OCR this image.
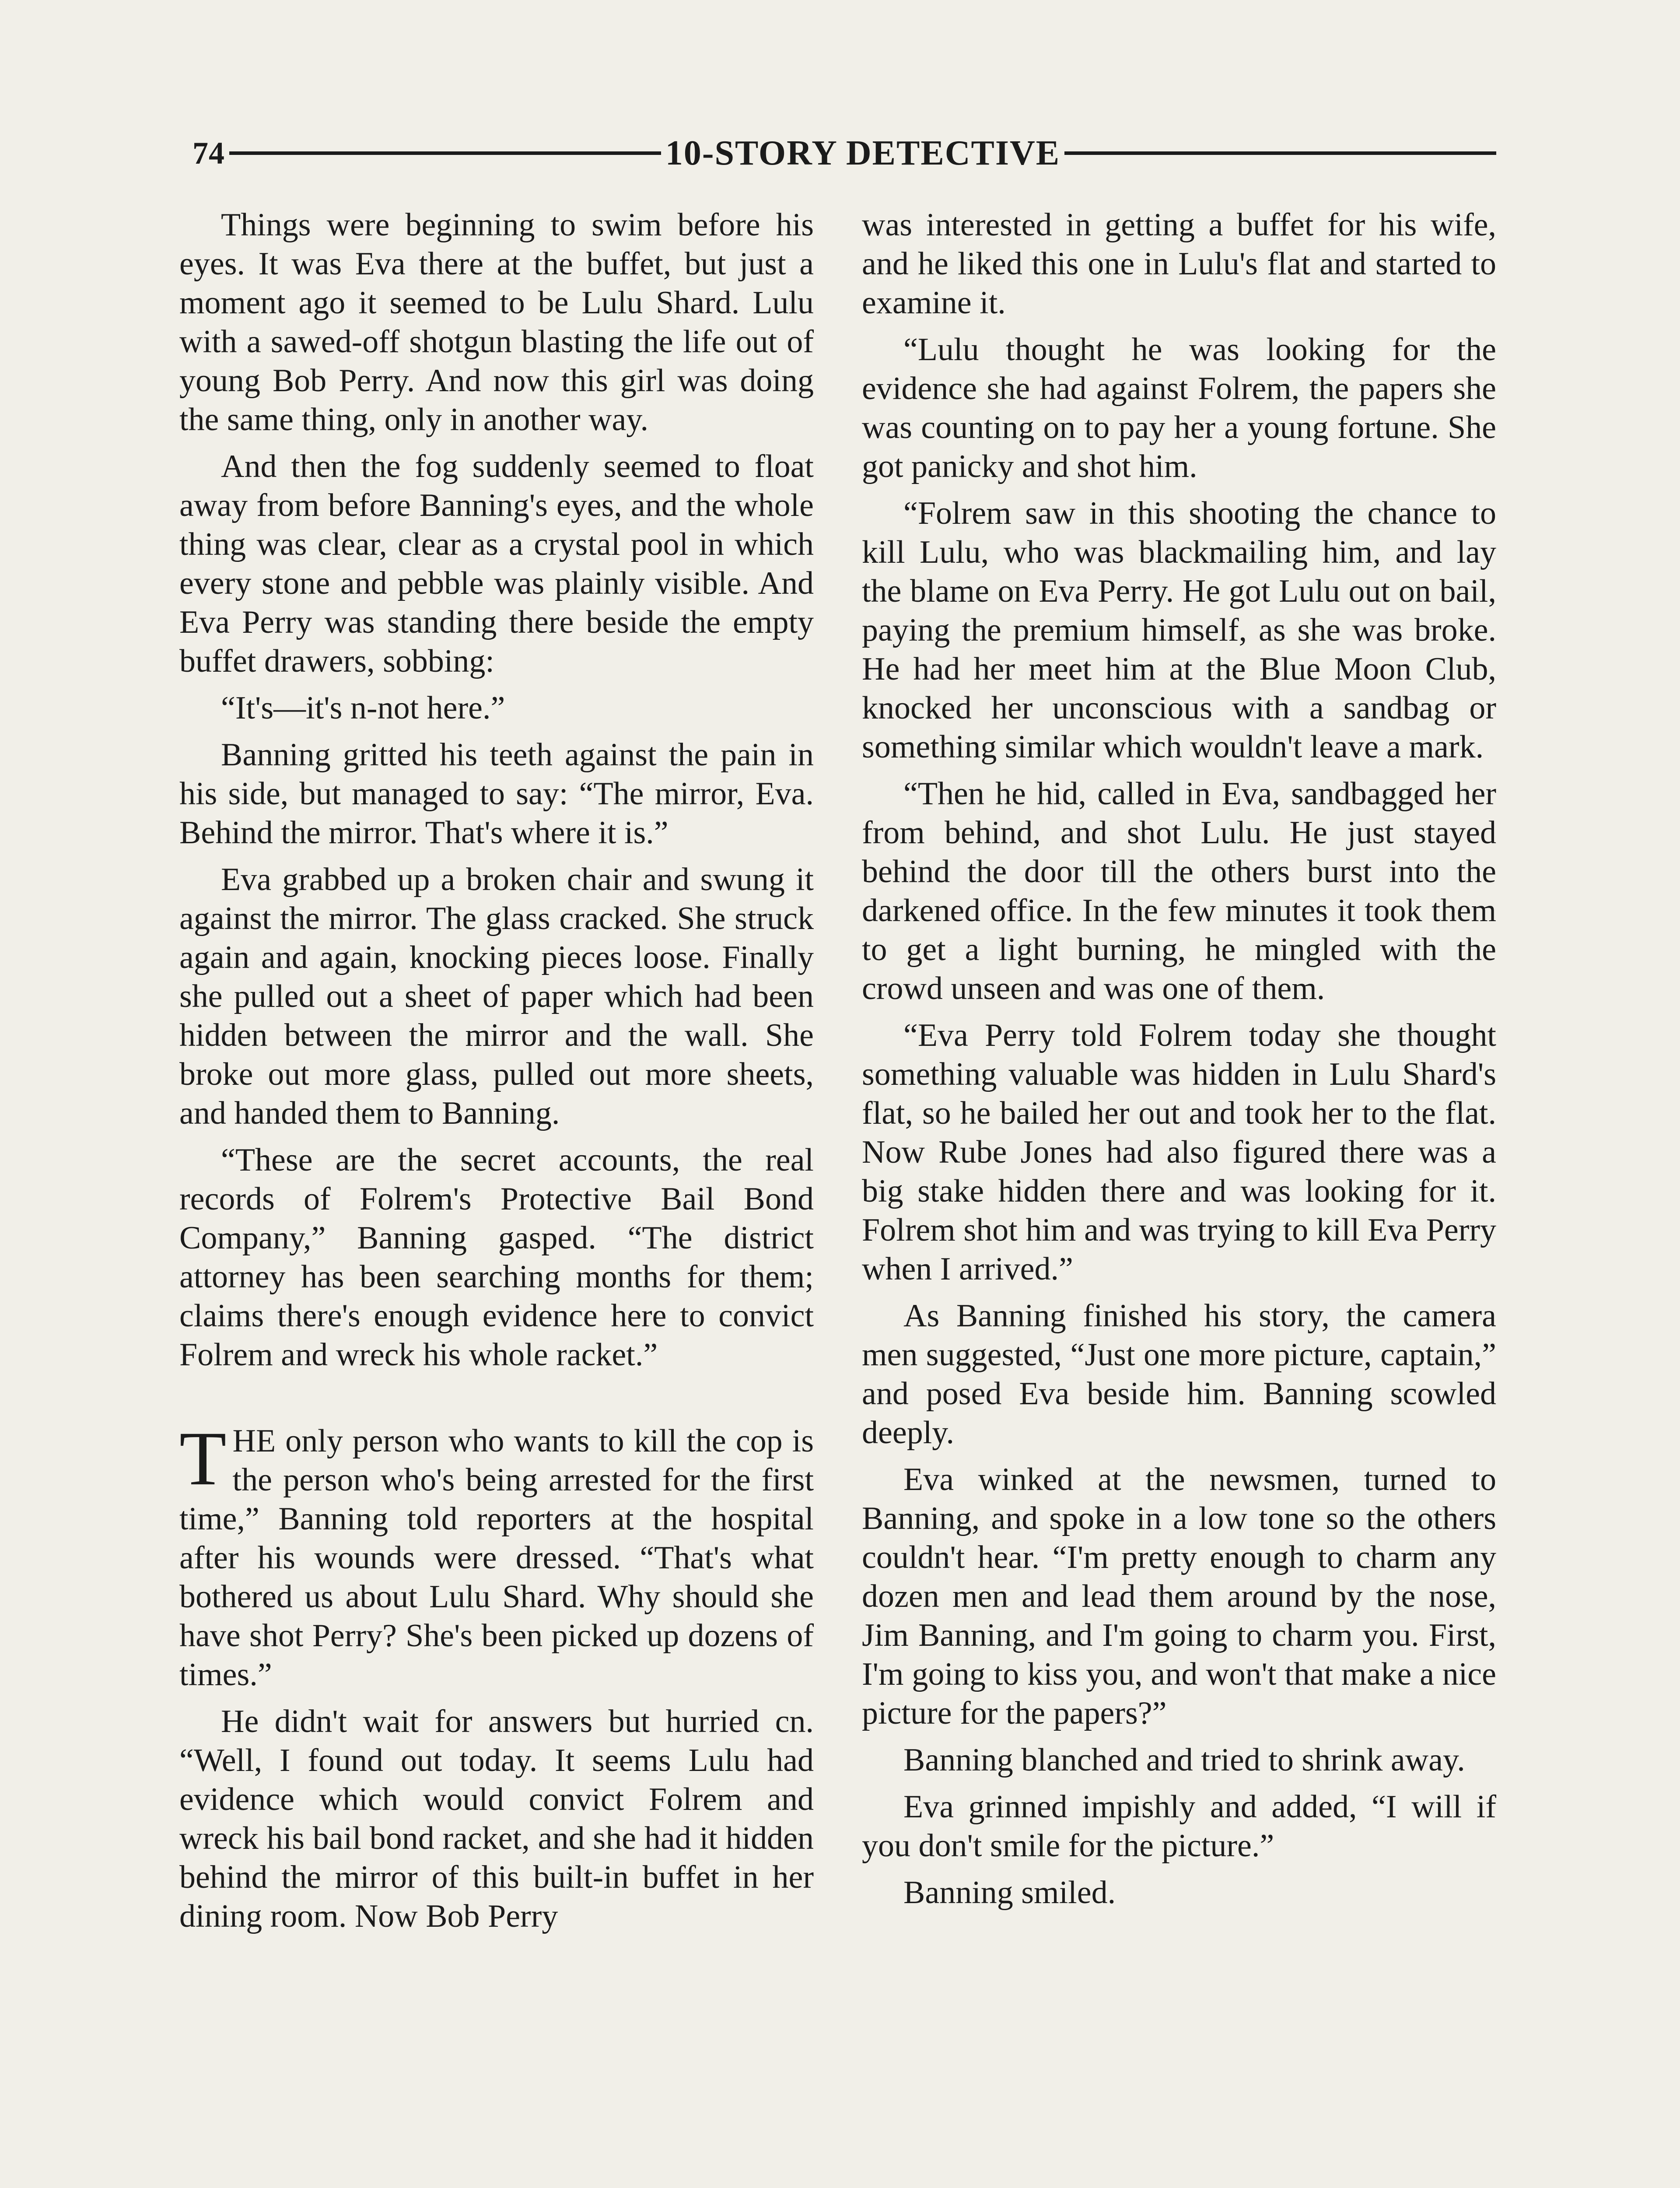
74	10-STORY DETECTIVE

Things were beginning to swim before his eyes. It was Eva there at the buffet, but just a moment ago it seemed to be Lulu Shard. Lulu with a sawed-off shotgun blasting the life out of young Bob Perry. And now this girl was doing the same thing, only in another way.

And then the fog suddenly seemed to float away from before Banning's eyes, and the whole thing was clear, clear as a crystal pool in which every stone and pebble was plainly visible. And Eva Perry was standing there beside the empty buffet drawers, sobbing:

“It's—it's n-not here.”

Banning gritted his teeth against the pain in his side, but managed to say: “The mirror, Eva. Behind the mirror. That's where it is.”

Eva grabbed up a broken chair and swung it against the mirror. The glass cracked. She struck again and again, knocking pieces loose. Finally she pulled out a sheet of paper which had been hidden between the mirror and the wall. She broke out more glass, pulled out more sheets, and handed them to Banning.

“These are the secret accounts, the real records of Folrem's Protective Bail Bond Company,” Banning gasped. “The district attorney has been searching months for them; claims there's enough evidence here to convict Folrem and wreck his whole racket.”

THE only person who wants to kill the cop is the person who's being arrested for the first time,” Banning told reporters at the hospital after his wounds were dressed. “That's what bothered us about Lulu Shard. Why should she have shot Perry? She's been picked up dozens of times.”

He didn't wait for answers but hurried cn. “Well, I found out today. It seems Lulu had evidence which would convict Folrem and wreck his bail bond racket, and she had it hidden behind the mirror of this built-in buffet in her dining room. Now Bob Perry

was interested in getting a buffet for his wife, and he liked this one in Lulu's flat and started to examine it.

“Lulu thought he was looking for the evidence she had against Folrem, the papers she was counting on to pay her a young fortune. She got panicky and shot him.

“Folrem saw in this shooting the chance to kill Lulu, who was blackmailing him, and lay the blame on Eva Perry. He got Lulu out on bail, paying the premium himself, as she was broke. He had her meet him at the Blue Moon Club, knocked her unconscious with a sandbag or something similar which wouldn't leave a mark.

“Then he hid, called in Eva, sandbagged her from behind, and shot Lulu. He just stayed behind the door till the others burst into the darkened office. In the few minutes it took them to get a light burning, he mingled with the crowd unseen and was one of them.

“Eva Perry told Folrem today she thought something valuable was hidden in Lulu Shard's flat, so he bailed her out and took her to the flat. Now Rube Jones had also figured there was a big stake hidden there and was looking for it. Folrem shot him and was trying to kill Eva Perry when I arrived.”

As Banning finished his story, the camera men suggested, “Just one more picture, captain,” and posed Eva beside him. Banning scowled deeply.

Eva winked at the newsmen, turned to Banning, and spoke in a low tone so the others couldn't hear. “I'm pretty enough to charm any dozen men and lead them around by the nose, Jim Banning, and I'm going to charm you. First, I'm going to kiss you, and won't that make a nice picture for the papers?”

Banning blanched and tried to shrink away.

Eva grinned impishly and added, “I will if you don't smile for the picture.”

Banning smiled.
